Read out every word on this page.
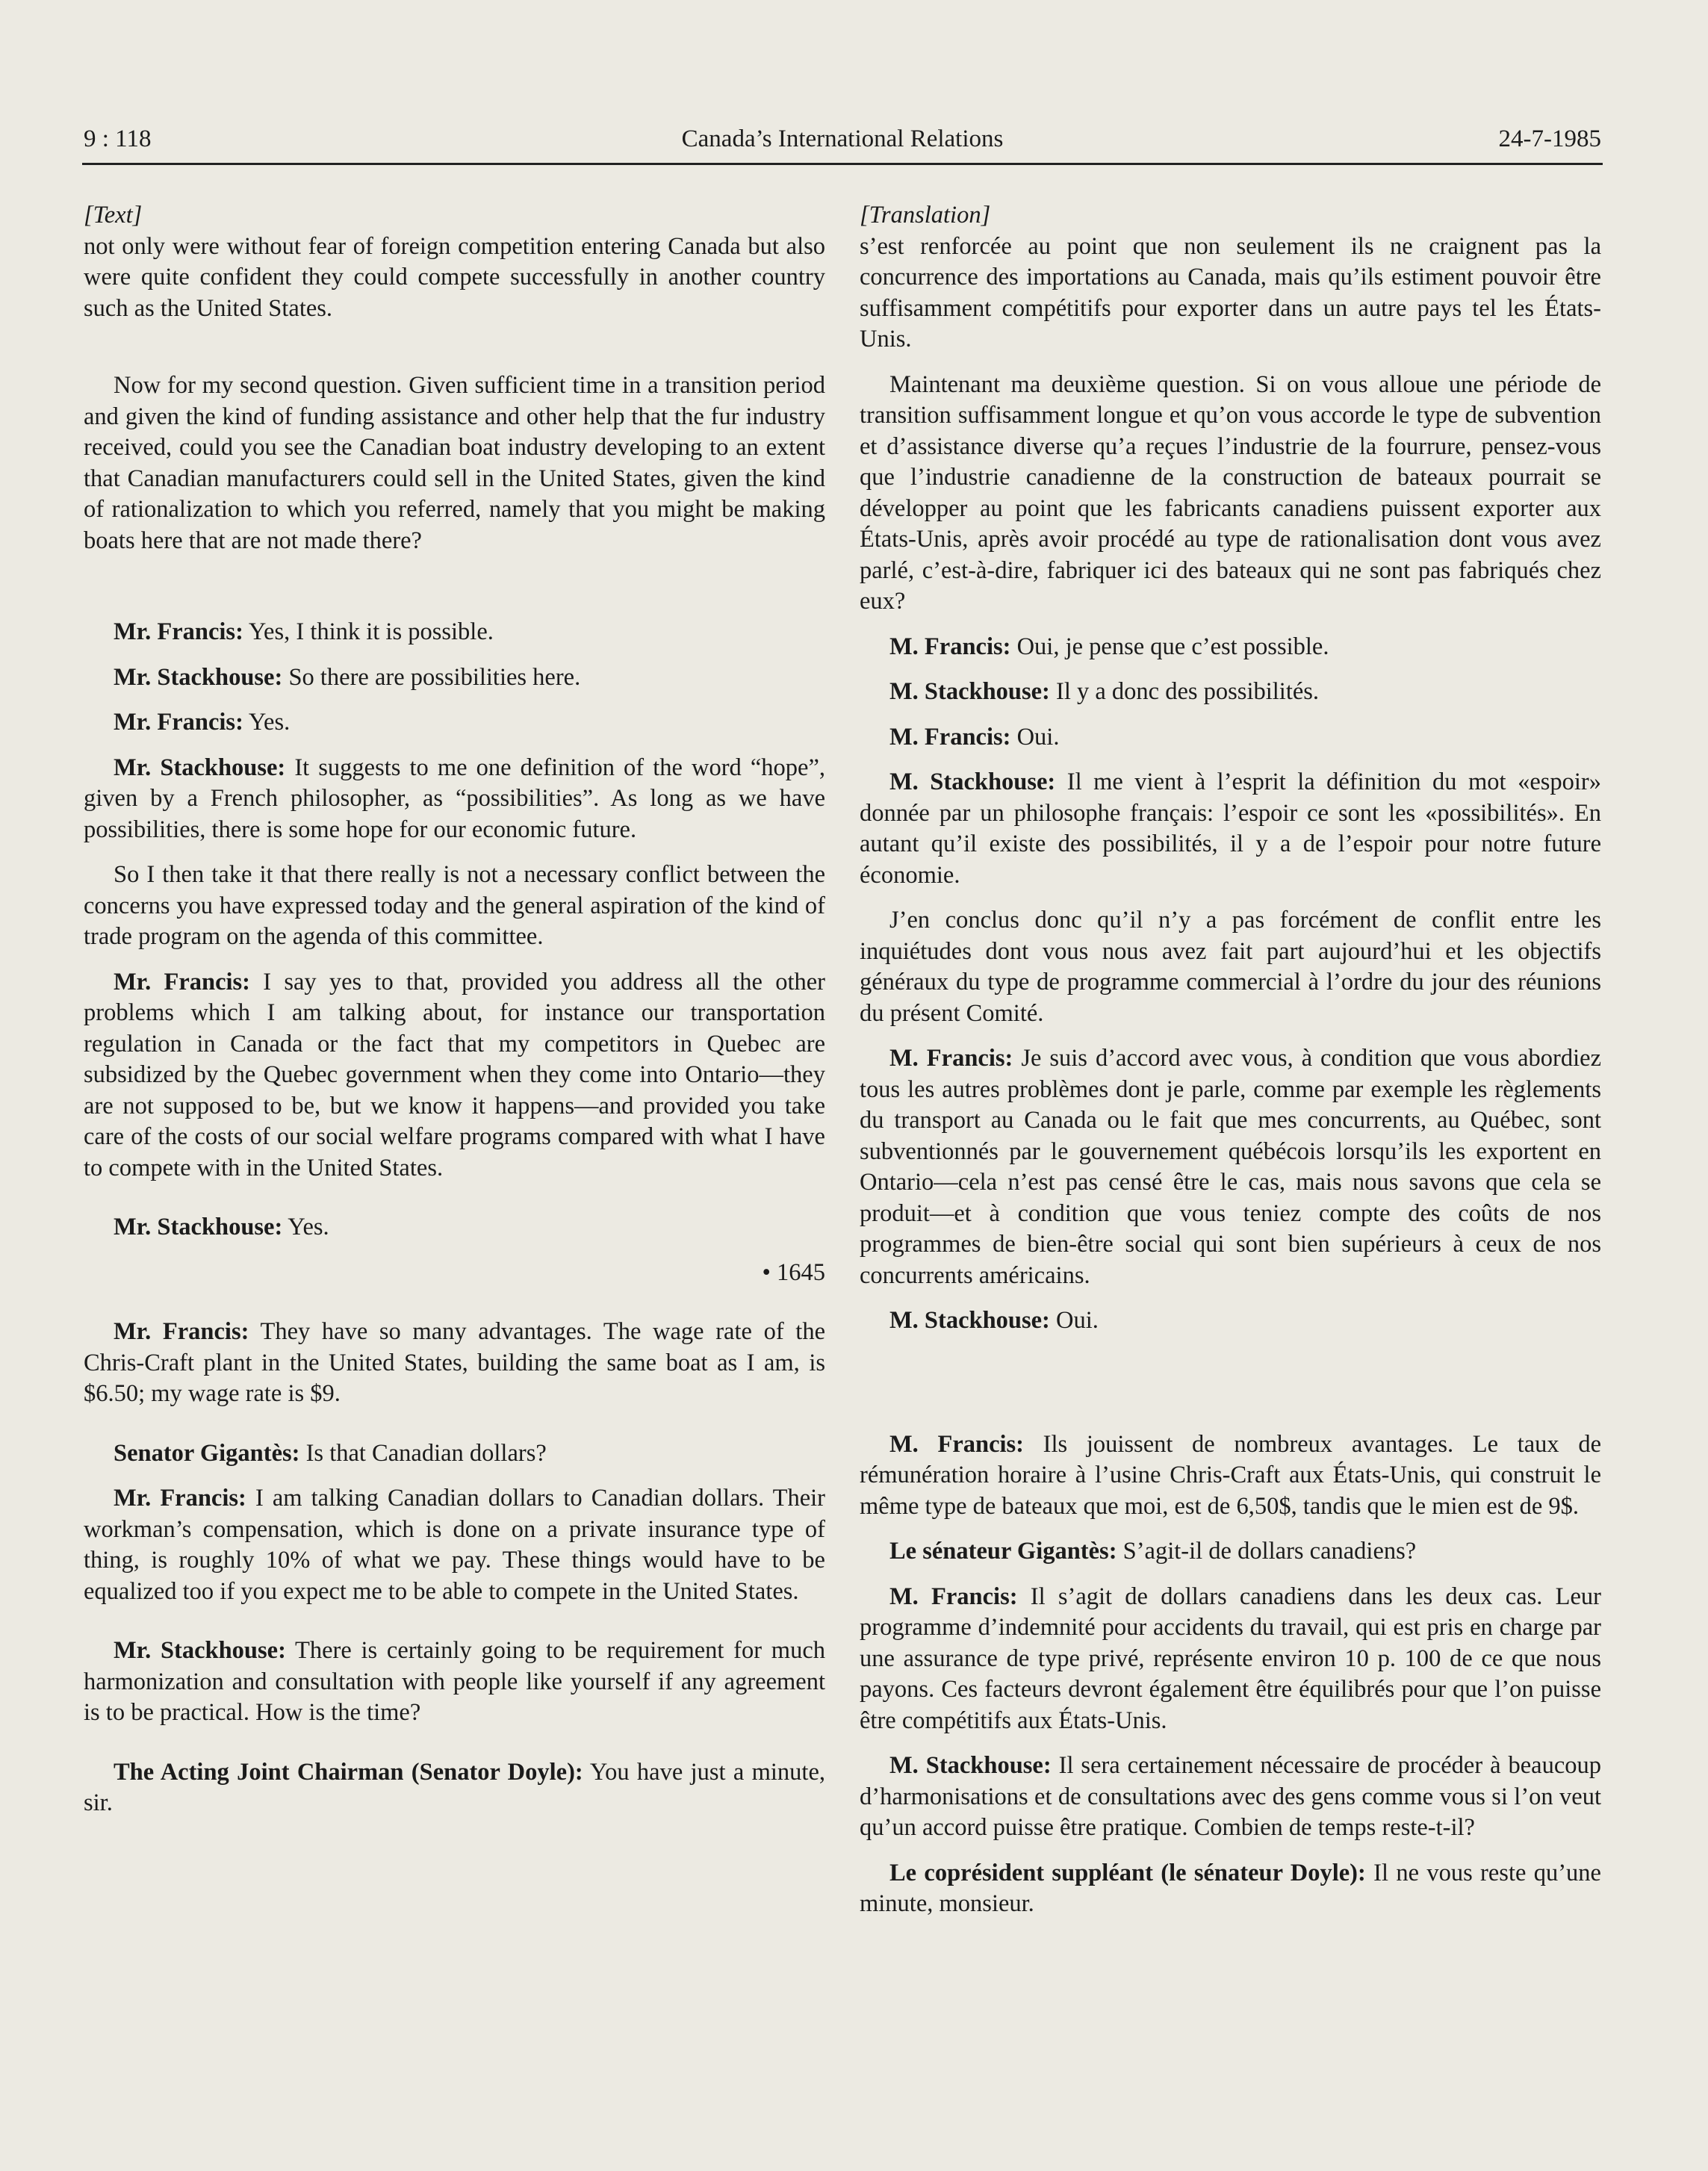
9 : 118	Canada’s International Relations	24-7-1985

[Text]

not only were without fear of foreign competition entering Canada but also were quite confident they could compete successfully in another country such as the United States.

Now for my second question. Given sufficient time in a transition period and given the kind of funding assistance and other help that the fur industry received, could you see the Canadian boat industry developing to an extent that Canadian manufacturers could sell in the United States, given the kind of rationalization to which you referred, namely that you might be making boats here that are not made there?

Mr. Francis: Yes, I think it is possible.

Mr. Stackhouse: So there are possibilities here.

Mr. Francis: Yes.

Mr. Stackhouse: It suggests to me one definition of the word “hope”, given by a French philosopher, as “possibilities”. As long as we have possibilities, there is some hope for our economic future.

So I then take it that there really is not a necessary conflict between the concerns you have expressed today and the general aspiration of the kind of trade program on the agenda of this committee.

Mr. Francis: I say yes to that, provided you address all the other problems which I am talking about, for instance our transportation regulation in Canada or the fact that my competitors in Quebec are subsidized by the Quebec government when they come into Ontario—they are not supposed to be, but we know it happens—and provided you take care of the costs of our social welfare programs compared with what I have to compete with in the United States.

Mr. Stackhouse: Yes.

• 1645

Mr. Francis: They have so many advantages. The wage rate of the Chris-Craft plant in the United States, building the same boat as I am, is $6.50; my wage rate is $9.

Senator Gigantès: Is that Canadian dollars?

Mr. Francis: I am talking Canadian dollars to Canadian dollars. Their workman’s compensation, which is done on a private insurance type of thing, is roughly 10% of what we pay. These things would have to be equalized too if you expect me to be able to compete in the United States.

Mr. Stackhouse: There is certainly going to be requirement for much harmonization and consultation with people like yourself if any agreement is to be practical. How is the time?

The Acting Joint Chairman (Senator Doyle): You have just a minute, sir.

[Translation]

s’est renforcée au point que non seulement ils ne craignent pas la concurrence des importations au Canada, mais qu’ils estiment pouvoir être suffisamment compétitifs pour exporter dans un autre pays tel les États-Unis.

Maintenant ma deuxième question. Si on vous alloue une période de transition suffisamment longue et qu’on vous accorde le type de subvention et d’assistance diverse qu’a reçues l’industrie de la fourrure, pensez-vous que l’industrie canadienne de la construction de bateaux pourrait se développer au point que les fabricants canadiens puissent exporter aux États-Unis, après avoir procédé au type de rationalisation dont vous avez parlé, c’est-à-dire, fabriquer ici des bateaux qui ne sont pas fabriqués chez eux?

M. Francis: Oui, je pense que c’est possible.

M. Stackhouse: Il y a donc des possibilités.

M. Francis: Oui.

M. Stackhouse: Il me vient à l’esprit la définition du mot «espoir» donnée par un philosophe français: l’espoir ce sont les «possibilités». En autant qu’il existe des possibilités, il y a de l’espoir pour notre future économie.

J’en conclus donc qu’il n’y a pas forcément de conflit entre les inquiétudes dont vous nous avez fait part aujourd’hui et les objectifs généraux du type de programme commercial à l’ordre du jour des réunions du présent Comité.

M. Francis: Je suis d’accord avec vous, à condition que vous abordiez tous les autres problèmes dont je parle, comme par exemple les règlements du transport au Canada ou le fait que mes concurrents, au Québec, sont subventionnés par le gouvernement québécois lorsqu’ils les exportent en Ontario—cela n’est pas censé être le cas, mais nous savons que cela se produit—et à condition que vous teniez compte des coûts de nos programmes de bien-être social qui sont bien supérieurs à ceux de nos concurrents américains.

M. Stackhouse: Oui.

M. Francis: Ils jouissent de nombreux avantages. Le taux de rémunération horaire à l’usine Chris-Craft aux États-Unis, qui construit le même type de bateaux que moi, est de 6,50$, tandis que le mien est de 9$.

Le sénateur Gigantès: S’agit-il de dollars canadiens?

M. Francis: Il s’agit de dollars canadiens dans les deux cas. Leur programme d’indemnité pour accidents du travail, qui est pris en charge par une assurance de type privé, représente environ 10 p. 100 de ce que nous payons. Ces facteurs devront également être équilibrés pour que l’on puisse être compétitifs aux États-Unis.

M. Stackhouse: Il sera certainement nécessaire de procéder à beaucoup d’harmonisations et de consultations avec des gens comme vous si l’on veut qu’un accord puisse être pratique. Combien de temps reste-t-il?

Le coprésident suppléant (le sénateur Doyle): Il ne vous reste qu’une minute, monsieur.
